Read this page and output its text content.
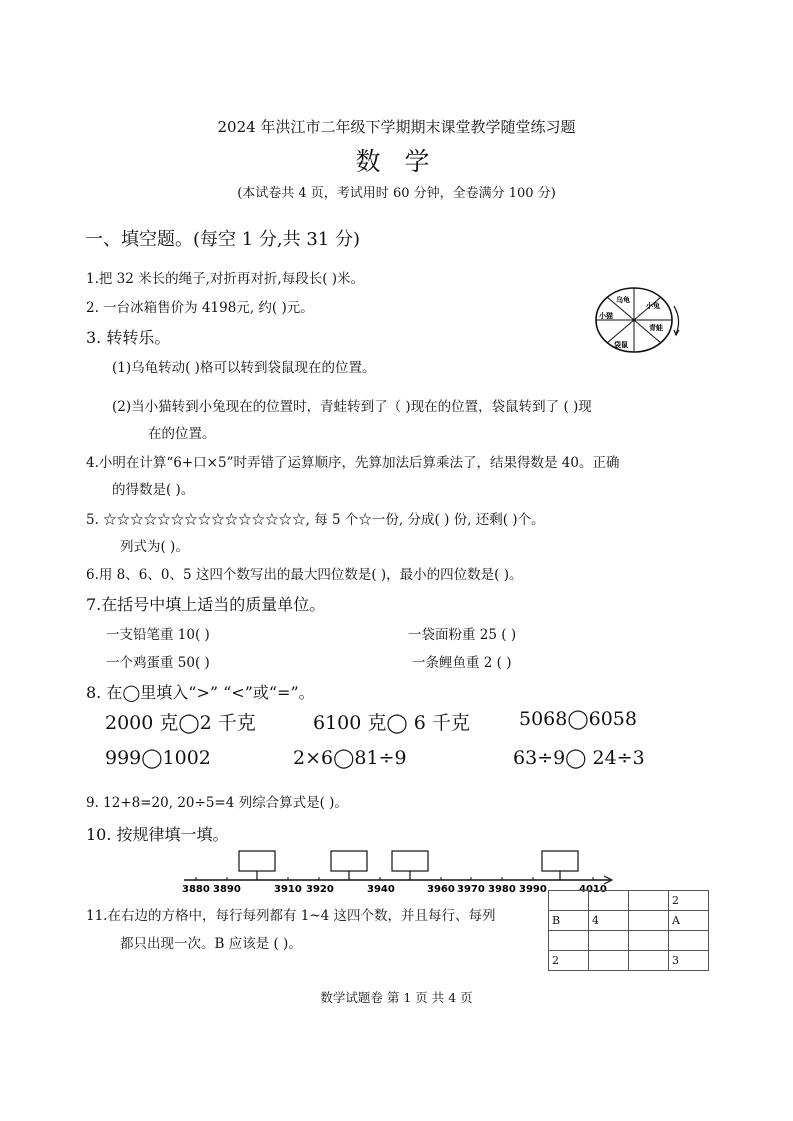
2024 年洪江市二年级下学期期末课堂教学随堂练习题
数 学
(本试卷共 4 页，考试用时 60 分钟，全卷满分 100 分)
一、填空题。(每空 1 分,共 31 分)
1.把 32 米长的绳子,对折再对折,每段长( )米。
2. 一台冰箱售价为 4198元, 约( )元。
3. 转转乐。
(1)乌龟转动( )格可以转到袋鼠现在的位置。
(2)当小猫转到小兔现在的位置时，青蛙转到了（ )现在的位置，袋鼠转到了 ( )现
在的位置。
乌龟
小兔
青蛙
袋鼠
小猫
4.小明在计算“6+口×5”时弄错了运算顺序，先算加法后算乘法了，结果得数是 40。正确
的得数是( )。
5. ☆☆☆☆☆☆☆☆☆☆☆☆☆☆☆, 每 5 个☆一份, 分成( ) 份, 还剩( )个。
列式为( )。
6.用 8、6、0、5 这四个数写出的最大四位数是( )，最小的四位数是( )。
7.在括号中填上适当的质量单位。
一支铅笔重 10( )	一袋面粉重 25 ( )
一个鸡蛋重 50( )	一条鲤鱼重 2 ( )
8. 在◯里填入“>” “<”或“=”。
2000 克◯2 千克	6100 克◯ 6 千克	5068◯6058
999◯1002	2×6◯81÷9	63÷9◯ 24÷3
9. 12+8=20, 20÷5=4 列综合算式是( )。
10. 按规律填一填。
3880 3890	3910 3920	3940	3960 3970 3980 3990	4010
11.在右边的方格中，每行每列都有 1~4 这四个数，并且每行、每列
都只出现一次。B 应该是 ( )。
			2
B	4		A

2			3
数学试题卷 第 1 页 共 4 页
